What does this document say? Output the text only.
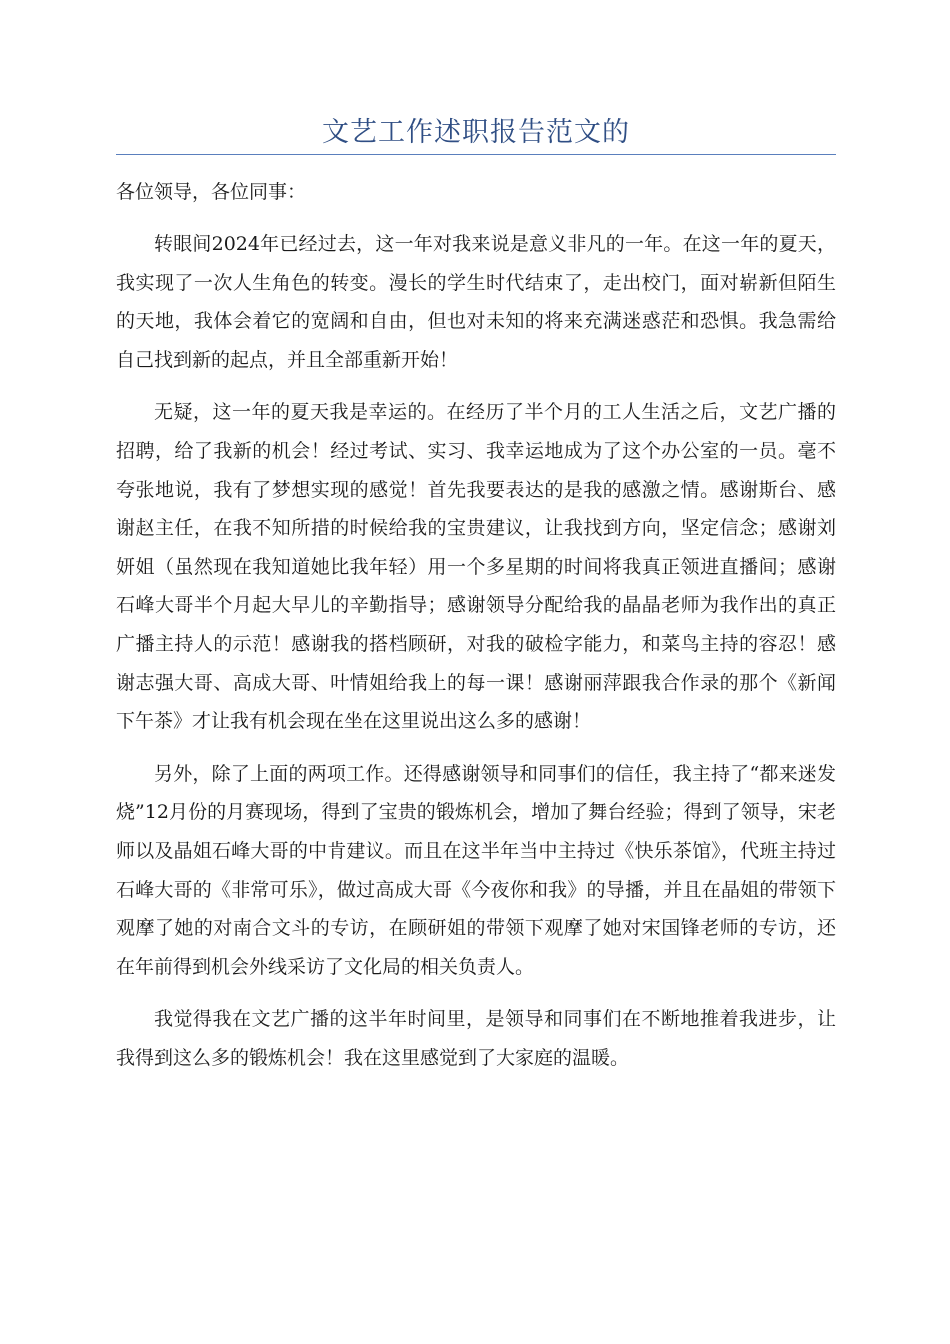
文艺工作述职报告范文的

各位领导，各位同事：

转眼间2024年已经过去，这一年对我来说是意义非凡的一年。在这一年的夏天，我实现了一次人生角色的转变。漫长的学生时代结束了，走出校门，面对崭新但陌生的天地，我体会着它的宽阔和自由，但也对未知的将来充满迷惑茫和恐惧。我急需给自己找到新的起点，并且全部重新开始！

无疑，这一年的夏天我是幸运的。在经历了半个月的工人生活之后，文艺广播的招聘，给了我新的机会！经过考试、实习、我幸运地成为了这个办公室的一员。毫不夸张地说，我有了梦想实现的感觉！首先我要表达的是我的感激之情。感谢斯台、感谢赵主任，在我不知所措的时候给我的宝贵建议，让我找到方向，坚定信念；感谢刘妍姐（虽然现在我知道她比我年轻）用一个多星期的时间将我真正领进直播间；感谢石峰大哥半个月起大早儿的辛勤指导；感谢领导分配给我的晶晶老师为我作出的真正广播主持人的示范！感谢我的搭档顾研，对我的破检字能力，和菜鸟主持的容忍！感谢志强大哥、高成大哥、叶情姐给我上的每一课！感谢丽萍跟我合作录的那个《新闻下午茶》才让我有机会现在坐在这里说出这么多的感谢！

另外，除了上面的两项工作。还得感谢领导和同事们的信任，我主持了“都来迷发烧”12月份的月赛现场，得到了宝贵的锻炼机会，增加了舞台经验；得到了领导，宋老师以及晶姐石峰大哥的中肯建议。而且在这半年当中主持过《快乐茶馆》，代班主持过石峰大哥的《非常可乐》，做过高成大哥《今夜你和我》的导播，并且在晶姐的带领下观摩了她的对南合文斗的专访，在顾研姐的带领下观摩了她对宋国锋老师的专访，还在年前得到机会外线采访了文化局的相关负责人。

我觉得我在文艺广播的这半年时间里，是领导和同事们在不断地推着我进步，让我得到这么多的锻炼机会！我在这里感觉到了大家庭的温暖。
